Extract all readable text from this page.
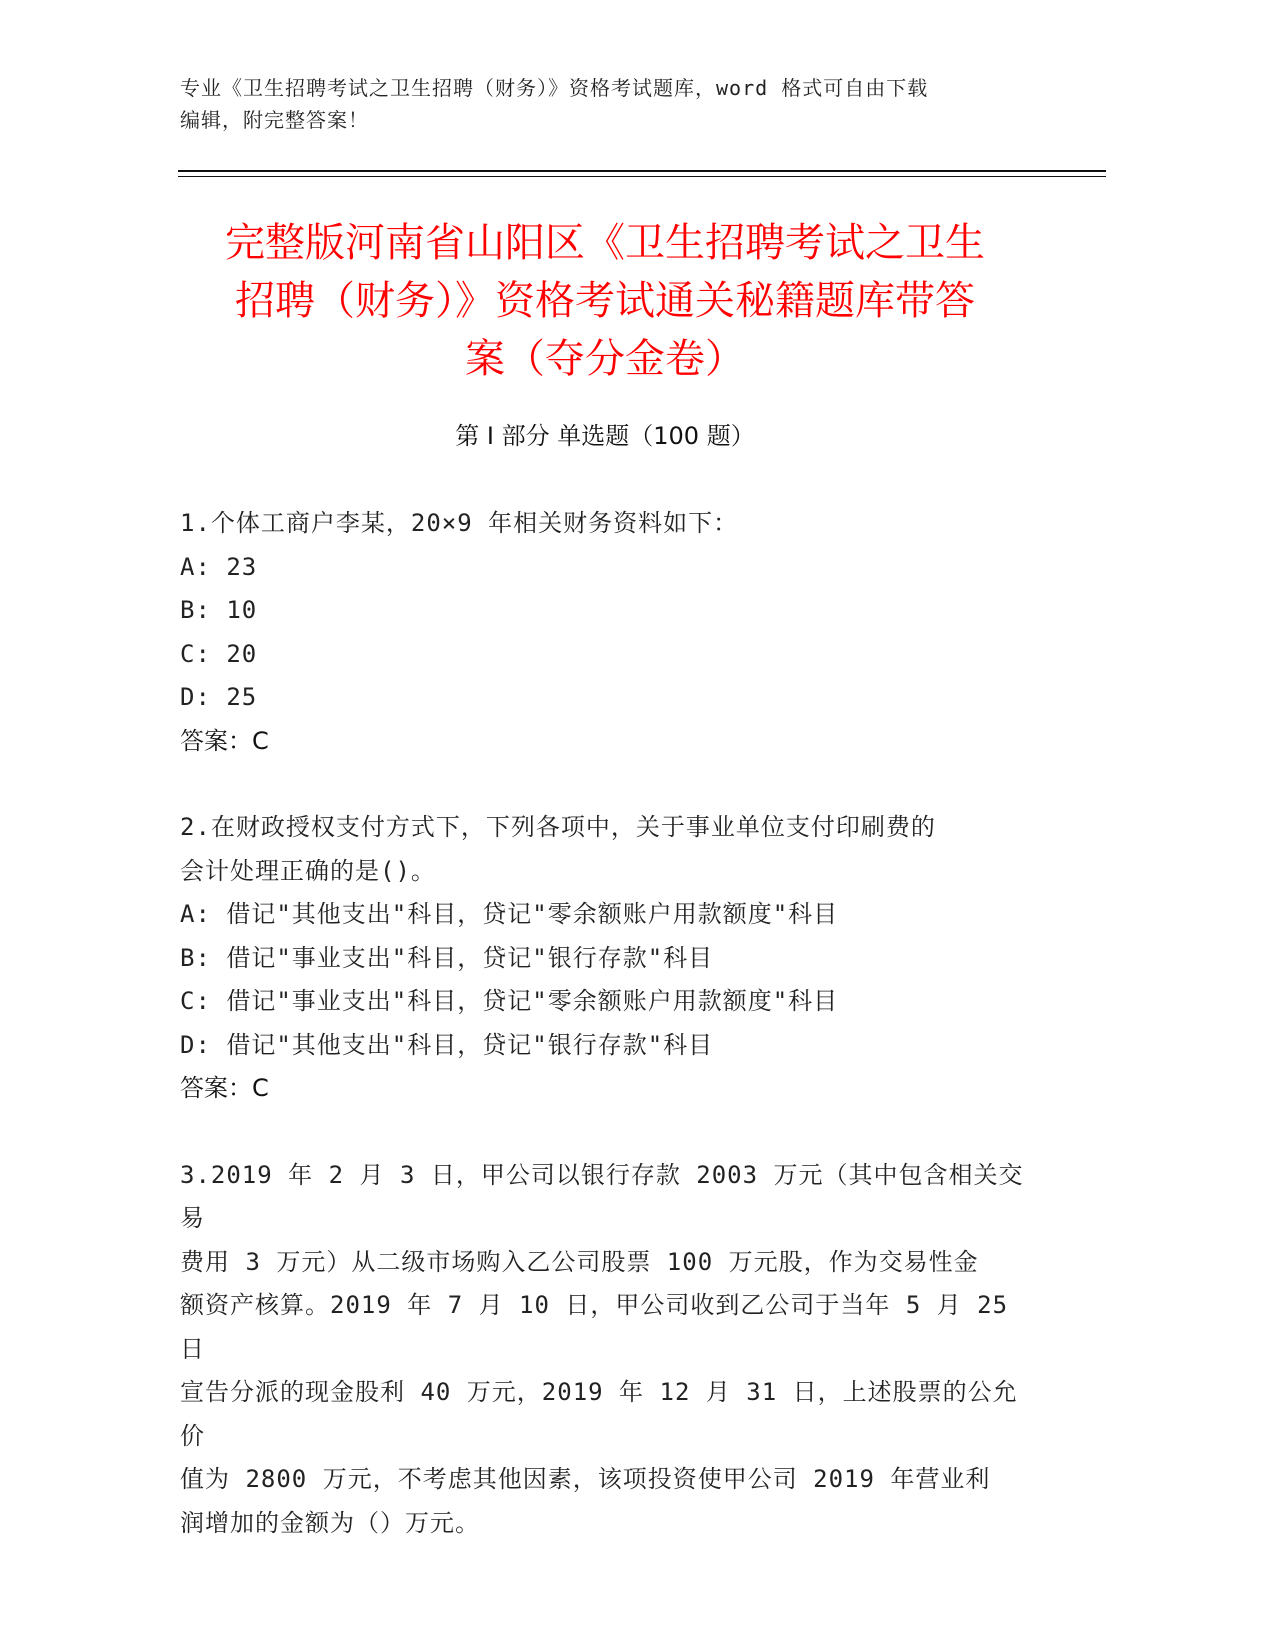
专业《卫生招聘考试之卫生招聘（财务）》资格考试题库，word 格式可自由下载
编辑，附完整答案！
完整版河南省山阳区《卫生招聘考试之卫生
招聘（财务）》资格考试通关秘籍题库带答
案（夺分金卷）
第 I 部分 单选题（100 题）
1.个体工商户李某，20×9 年相关财务资料如下：
A: 23
B: 10
C: 20
D: 25
答案：C
2.在财政授权支付方式下，下列各项中，关于事业单位支付印刷费的
会计处理正确的是()。
A: 借记"其他支出"科目，贷记"零余额账户用款额度"科目
B: 借记"事业支出"科目，贷记"银行存款"科目
C: 借记"事业支出"科目，贷记"零余额账户用款额度"科目
D: 借记"其他支出"科目，贷记"银行存款"科目
答案：C
3.2019 年 2 月 3 日，甲公司以银行存款 2003 万元（其中包含相关交易
费用 3 万元）从二级市场购入乙公司股票 100 万元股，作为交易性金
额资产核算。2019 年 7 月 10 日，甲公司收到乙公司于当年 5 月 25 日
宣告分派的现金股利 40 万元，2019 年 12 月 31 日，上述股票的公允价
值为 2800 万元，不考虑其他因素，该项投资使甲公司 2019 年营业利
润增加的金额为（）万元。
